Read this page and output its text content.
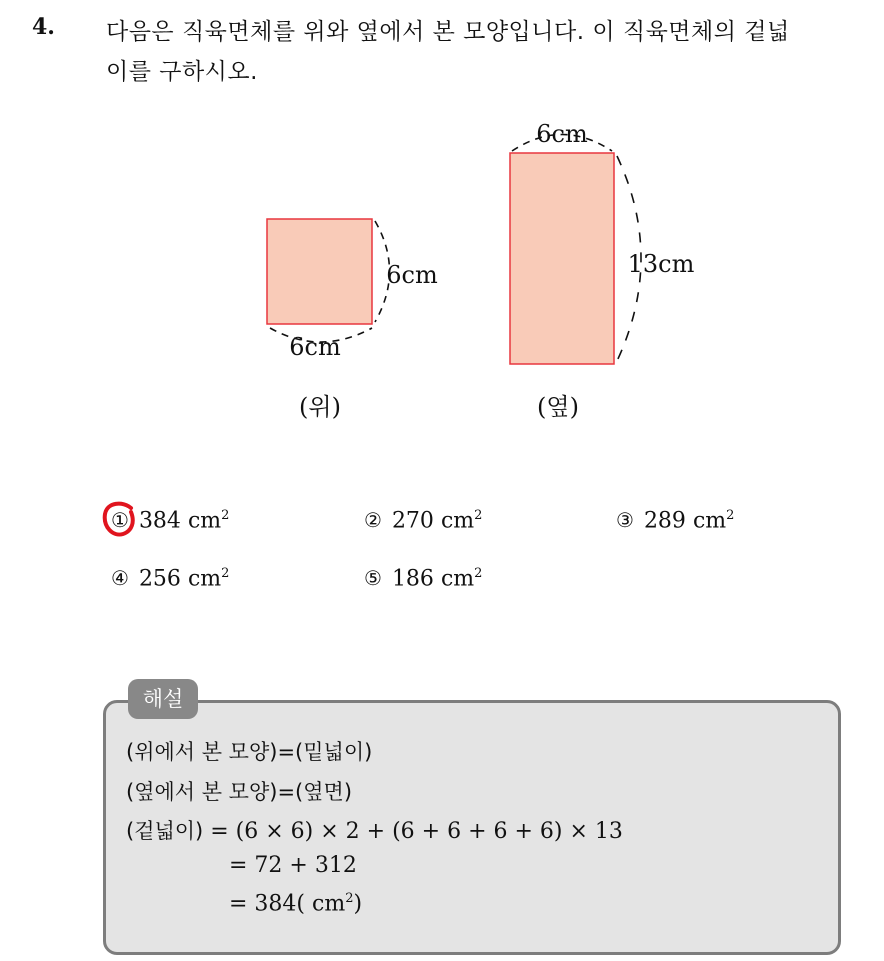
4. 다음은 직육면체를 위와 옆에서 본 모양입니다. 이 직육면체의 겉넓
이를 구하시오.
6cm
6cm
(위)
6cm
13cm
(옆)
① 384 $cm^2$	② 270 $cm^2$	③ 289 $cm^2$
④ 256 $cm^2$	⑤ 186 $cm^2$
해설
(위에서 본 모양)=(밑넓이)
(옆에서 본 모양)=(옆면)
(겉넓이) = (6 × 6) × 2 + (6 + 6 + 6 + 6) × 13
= 72 + 312
= 384( $cm^2$)
